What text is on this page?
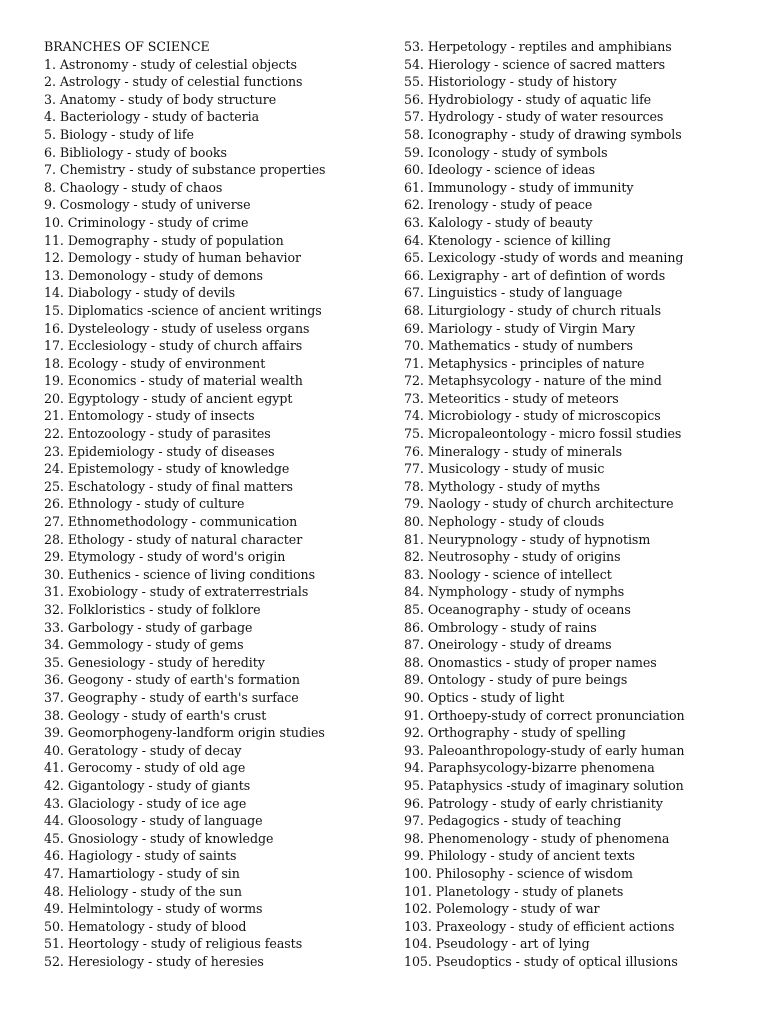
BRANCHES OF SCIENCE
1. Astronomy - study of celestial objects
2. Astrology - study of celestial functions
3. Anatomy - study of body structure
4. Bacteriology - study of bacteria
5. Biology - study of life
6. Bibliology - study of books
7. Chemistry - study of substance properties
8. Chaology - study of chaos
9. Cosmology - study of universe
10. Criminology - study of crime
11. Demography - study of population
12. Demology - study of human behavior
13. Demonology - study of demons
14. Diabology - study of devils
15. Diplomatics -science of ancient writings
16. Dysteleology - study of useless organs
17. Ecclesiology - study of church affairs
18. Ecology - study of environment
19. Economics - study of material wealth
20. Egyptology - study of ancient egypt
21. Entomology - study of insects
22. Entozoology - study of parasites
23. Epidemiology - study of diseases
24. Epistemology - study of knowledge
25. Eschatology - study of final matters
26. Ethnology - study of culture
27. Ethnomethodology - communication
28. Ethology - study of natural character
29. Etymology - study of word's origin
30. Euthenics - science of living conditions
31. Exobiology - study of extraterrestrials
32. Folkloristics - study of folklore
33. Garbology - study of garbage
34. Gemmology - study of gems
35. Genesiology - study of heredity
36. Geogony - study of earth's formation
37. Geography - study of earth's surface
38. Geology - study of earth's crust
39. Geomorphogeny-landform origin studies
40. Geratology - study of decay
41. Gerocomy - study of old age
42. Gigantology - study of giants
43. Glaciology - study of ice age
44. Gloosology - study of language
45. Gnosiology - study of knowledge
46. Hagiology - study of saints
47. Hamartiology - study of sin
48. Heliology - study of the sun
49. Helmintology - study of worms
50. Hematology - study of blood
51. Heortology - study of religious feasts
52. Heresiology - study of heresies
53. Herpetology - reptiles and amphibians
54. Hierology - science of sacred matters
55. Historiology - study of history
56. Hydrobiology - study of aquatic life
57. Hydrology - study of water resources
58. Iconography - study of drawing symbols
59. Iconology - study of symbols
60. Ideology - science of ideas
61. Immunology - study of immunity
62. Irenology - study of peace
63. Kalology - study of beauty
64. Ktenology - science of killing
65. Lexicology -study of words and meaning
66. Lexigraphy - art of defintion of words
67. Linguistics - study of language
68. Liturgiology - study of church rituals
69. Mariology - study of Virgin Mary
70. Mathematics - study of numbers
71. Metaphysics - principles of nature
72. Metaphsycology - nature of the mind
73. Meteoritics - study of meteors
74. Microbiology - study of microscopics
75. Micropaleontology - micro fossil studies
76. Mineralogy - study of minerals
77. Musicology - study of music
78. Mythology - study of myths
79. Naology - study of church architecture
80. Nephology - study of clouds
81. Neurypnology - study of hypnotism
82. Neutrosophy - study of origins
83. Noology - science of intellect
84. Nymphology - study of nymphs
85. Oceanography - study of oceans
86. Ombrology - study of rains
87. Oneirology - study of dreams
88. Onomastics - study of proper names
89. Ontology - study of pure beings
90. Optics - study of light
91. Orthoepy-study of correct pronunciation
92. Orthography - study of spelling
93. Paleoanthropology-study of early human
94. Paraphsycology-bizarre phenomena
95. Pataphysics -study of imaginary solution
96. Patrology - study of early christianity
97. Pedagogics - study of teaching
98. Phenomenology - study of phenomena
99. Philology - study of ancient texts
100. Philosophy - science of wisdom
101. Planetology - study of planets
102. Polemology - study of war
103. Praxeology - study of efficient actions
104. Pseudology - art of lying
105. Pseudoptics - study of optical illusions
